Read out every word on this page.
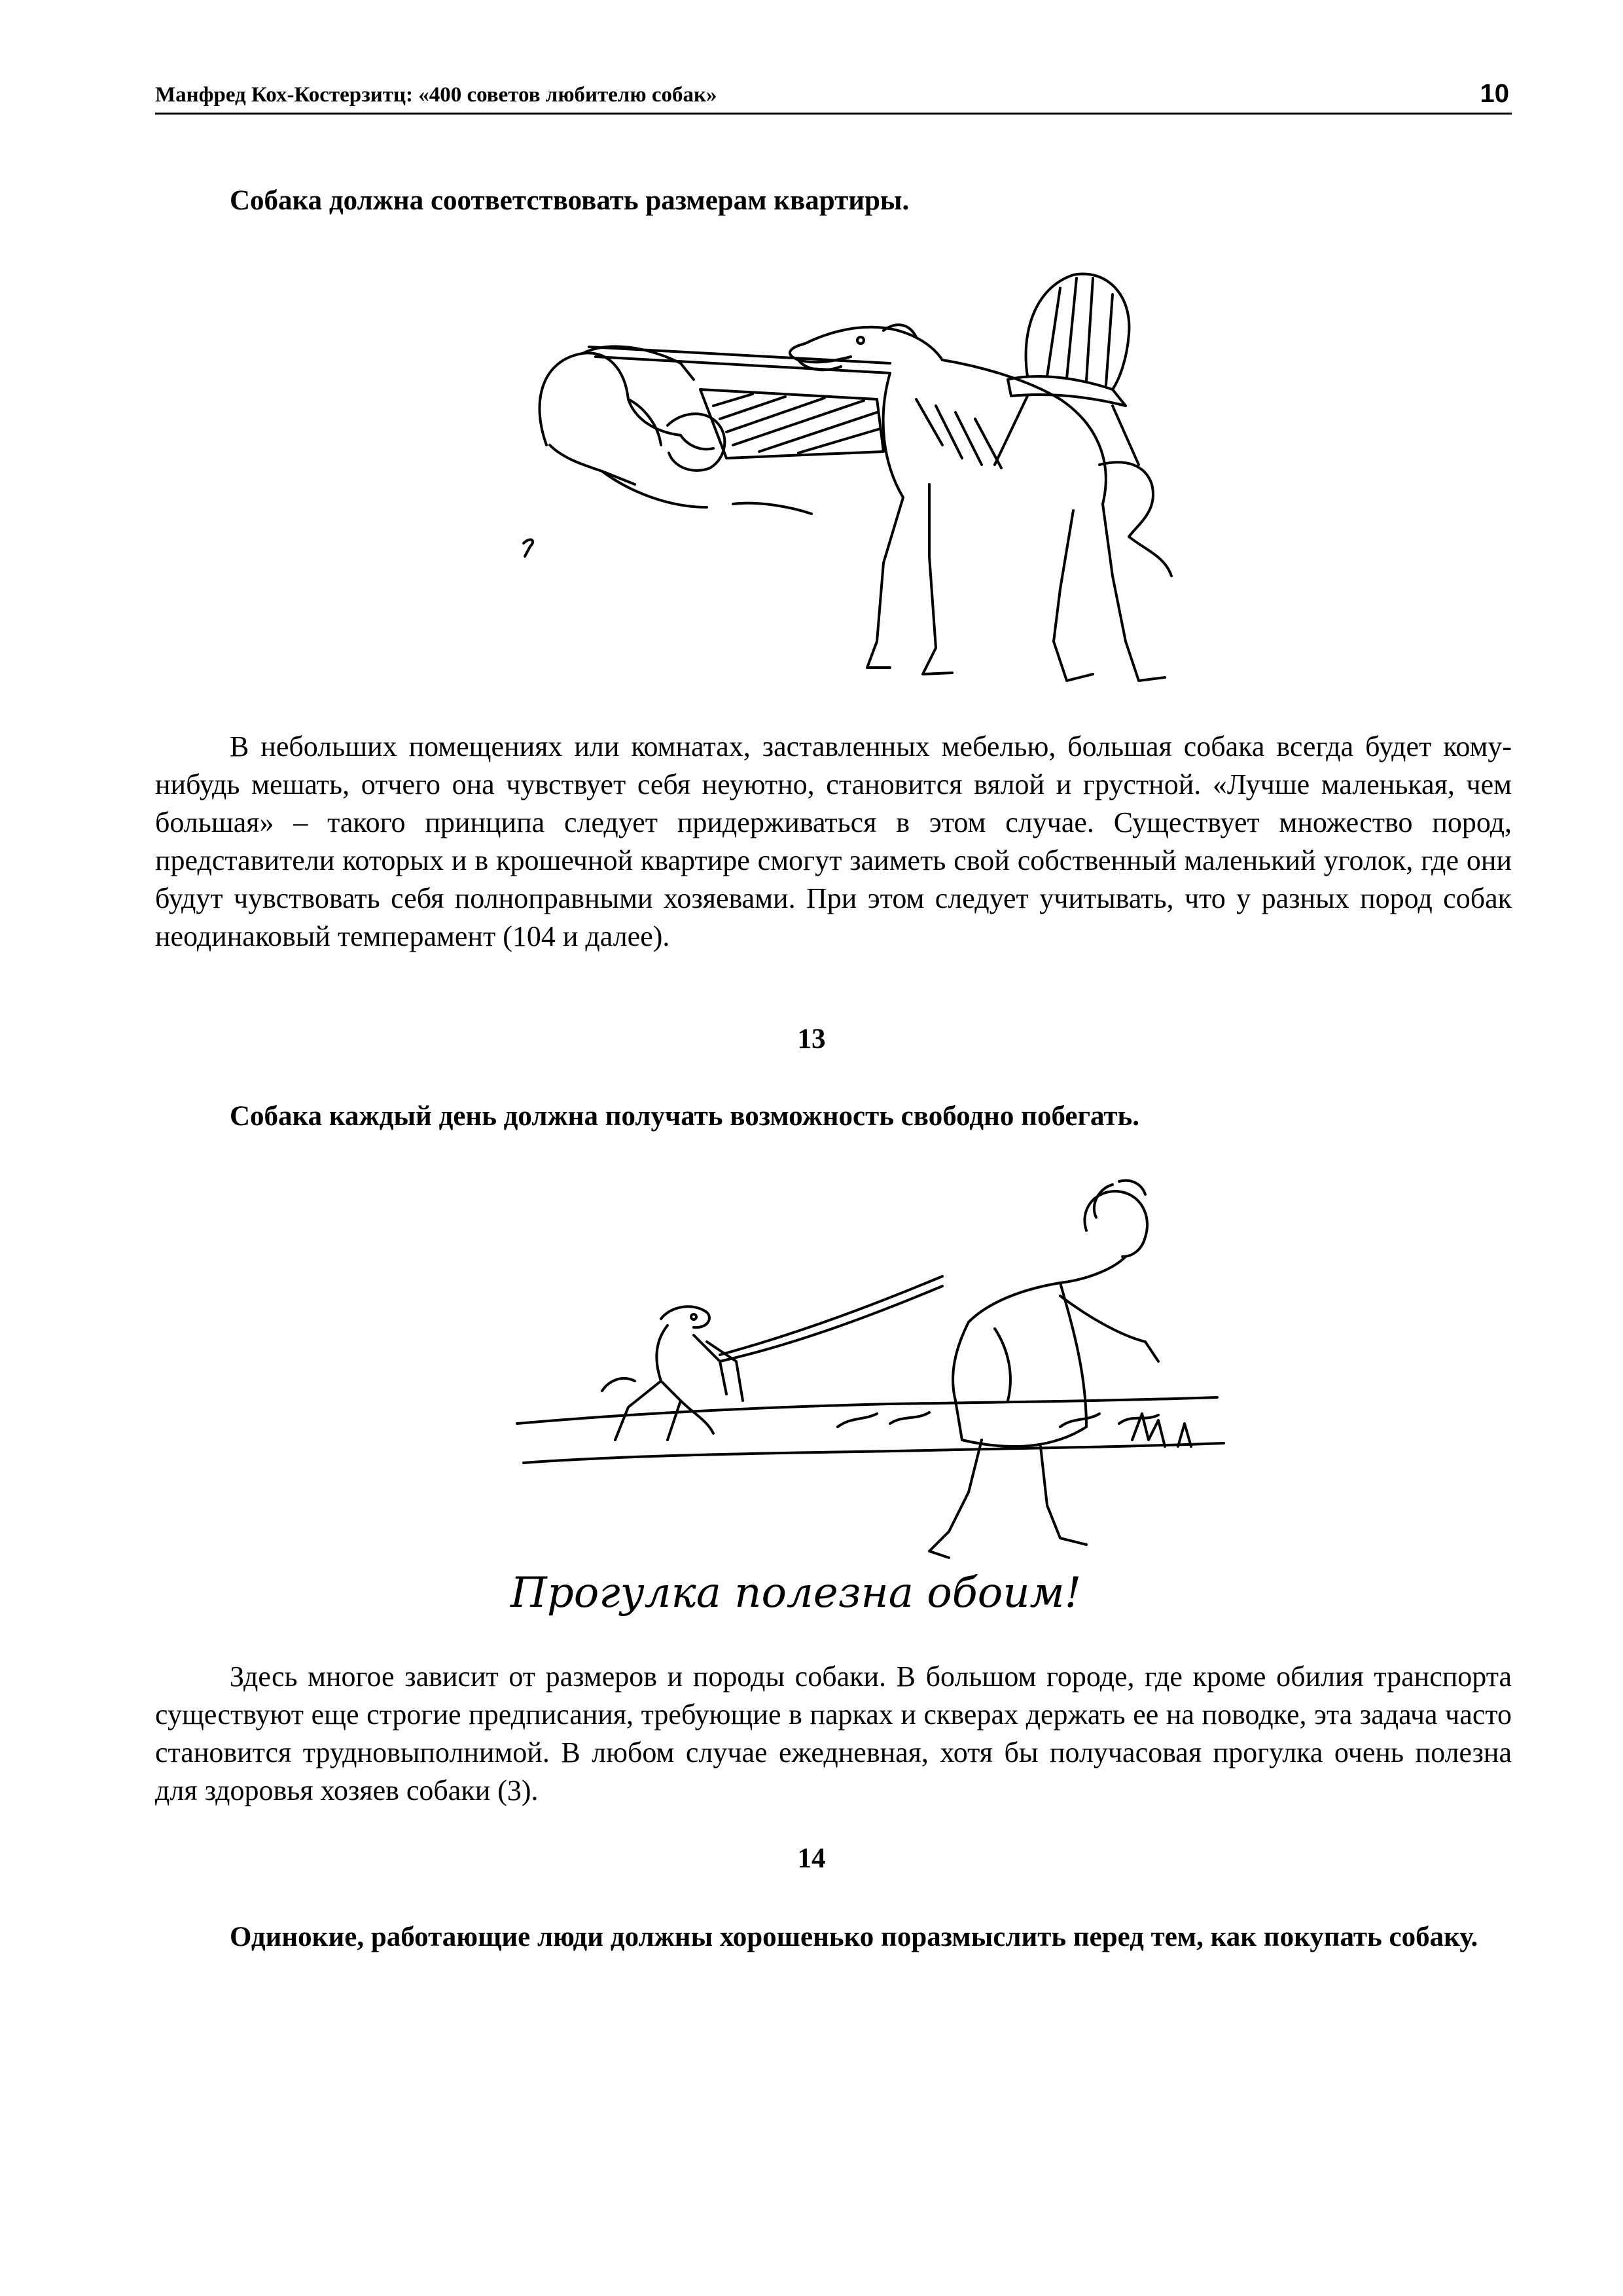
Манфред Кох-Костерзитц: «400 советов любителю собак»	10
Собака должна соответствовать размерам квартиры.

В небольших помещениях или комнатах, заставленных мебелью, большая собака всегда будет кому-нибудь мешать, отчего она чувствует себя неуютно, становится вялой и грустной. «Лучше маленькая, чем большая» – такого принципа следует придерживаться в этом случае. Существует множество пород, представители которых и в крошечной квартире смогут заиметь свой собственный маленький уголок, где они будут чувствовать себя полноправными хозяевами. При этом следует учитывать, что у разных пород собак неодинаковый темперамент (104 и далее).

13
Собака каждый день должна получать возможность свободно побегать.
Прогулка полезна обоим!

Здесь многое зависит от размеров и породы собаки. В большом городе, где кроме обилия транспорта существуют еще строгие предписания, требующие в парках и скверах держать ее на поводке, эта задача часто становится трудновыполнимой. В любом случае ежедневная, хотя бы получасовая прогулка очень полезна для здоровья хозяев собаки (3).

14

Одинокие, работающие люди должны хорошенько поразмыслить перед тем, как покупать собаку.
